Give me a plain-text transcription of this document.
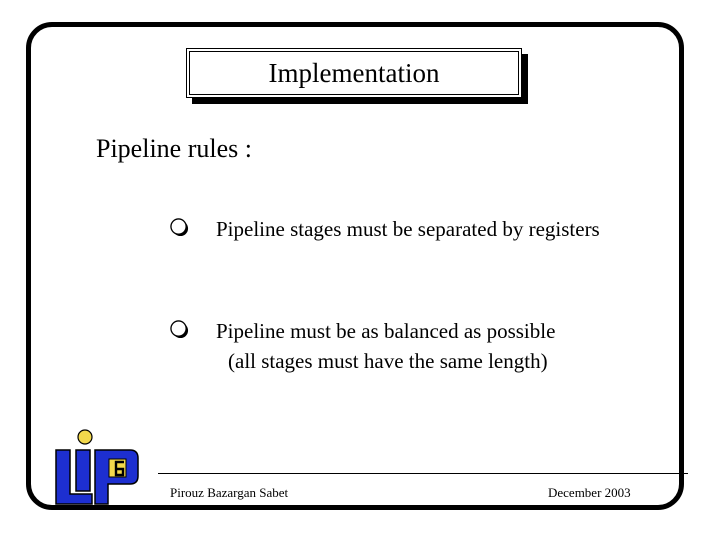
Implementation
Pipeline rules :
Pipeline stages must be separated by registers
Pipeline must be as balanced as possible
(all stages must have the same length)
Pirouz Bazargan Sabet	December 2003
